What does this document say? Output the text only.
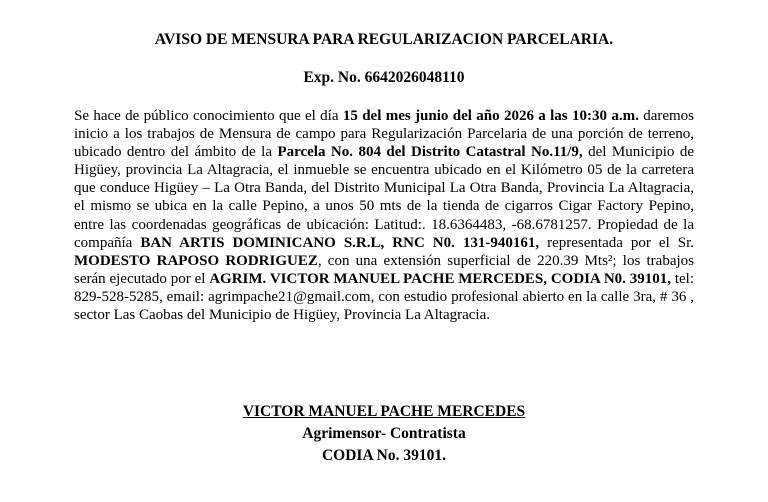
AVISO DE MENSURA PARA REGULARIZACION PARCELARIA.
Exp. No. 6642026048110

Se hace de público conocimiento que el día 15 del mes junio del año 2026 a las 10:30 a.m. daremos inicio a los trabajos de Mensura de campo para Regularización Parcelaria de una porción de terreno, ubicado dentro del ámbito de la Parcela No. 804 del Distrito Catastral No.11/9, del Municipio de Higüey, provincia La Altagracia, el inmueble se encuentra ubicado en el Kilómetro 05 de la carretera que conduce Higüey – La Otra Banda, del Distrito Municipal La Otra Banda, Provincia La Altagracia, el mismo se ubica en la calle Pepino, a unos 50 mts de la tienda de cigarros Cigar Factory Pepino, entre las coordenadas geográficas de ubicación: Latitud:. 18.6364483, -68.6781257. Propiedad de la compañía BAN ARTIS DOMINICANO S.R.L, RNC N0. 131-940161, representada por el Sr. MODESTO RAPOSO RODRIGUEZ, con una extensión superficial de 220.39 Mts²; los trabajos serán ejecutado por el AGRIM. VICTOR MANUEL PACHE MERCEDES, CODIA N0. 39101, tel: 829-528-5285, email: agrimpache21@gmail.com, con estudio profesional abierto en la calle 3ra, # 36 , sector Las Caobas del Municipio de Higüey, Provincia La Altagracia.

VICTOR MANUEL PACHE MERCEDES
Agrimensor- Contratista
CODIA No. 39101.
